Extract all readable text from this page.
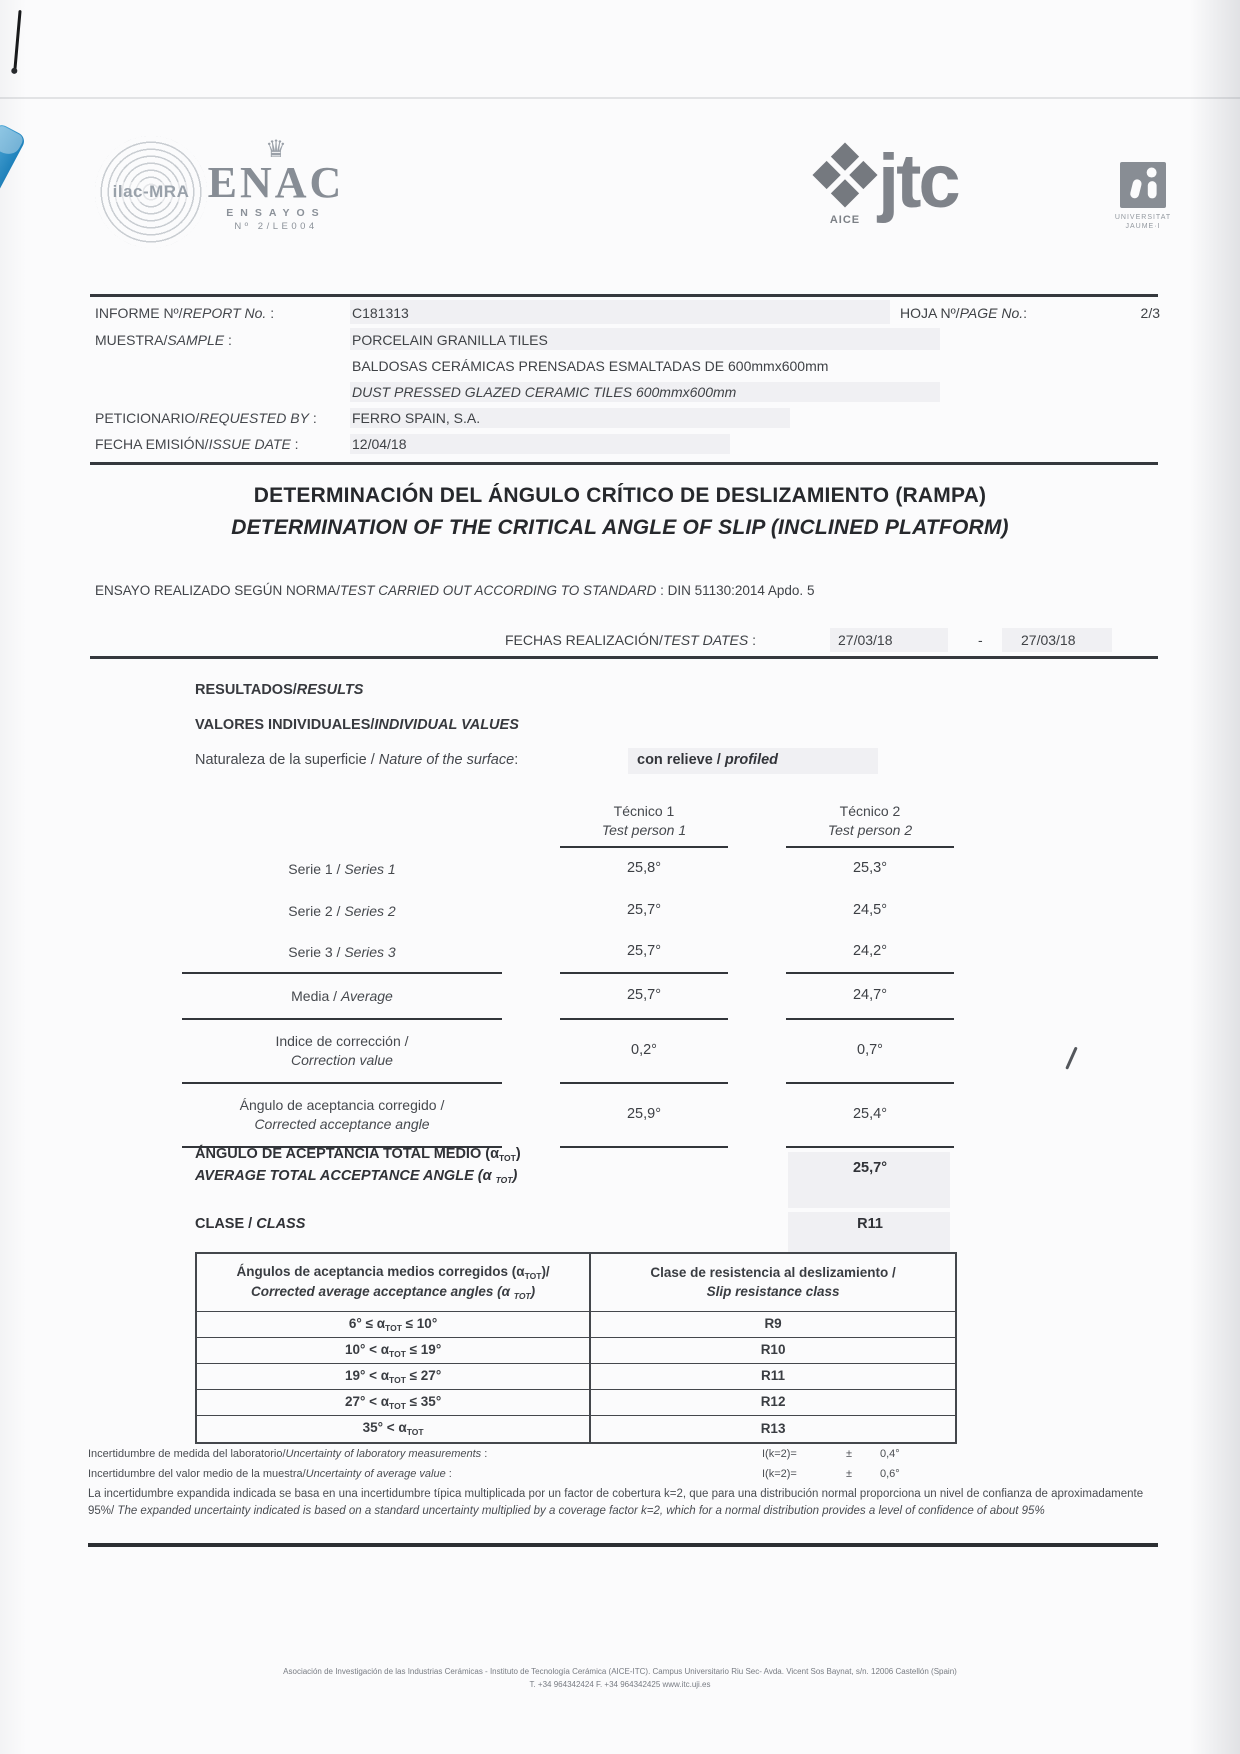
ilac-MRA
♛
ENAC
ENSAYOS
Nº 2/LE004
AICE jtc	UNIVERSITAT
JAUME·I
INFORME Nº/REPORT No. :	C181313	HOJA Nº/PAGE No.:	2/3
MUESTRA/SAMPLE :	PORCELAIN GRANILLA TILES
BALDOSAS CERÁMICAS PRENSADAS ESMALTADAS DE 600mmx600mm
DUST PRESSED GLAZED CERAMIC TILES 600mmx600mm
PETICIONARIO/REQUESTED BY :	FERRO SPAIN, S.A.
FECHA EMISIÓN/ISSUE DATE :	12/04/18
DETERMINACIÓN DEL ÁNGULO CRÍTICO DE DESLIZAMIENTO (RAMPA)
DETERMINATION OF THE CRITICAL ANGLE OF SLIP (INCLINED PLATFORM)
ENSAYO REALIZADO SEGÚN NORMA/TEST CARRIED OUT ACCORDING TO STANDARD : DIN 51130:2014 Apdo. 5
FECHAS REALIZACIÓN/TEST DATES :	27/03/18	-	27/03/18
RESULTADOS/RESULTS
VALORES INDIVIDUALES/INDIVIDUAL VALUES
Naturaleza de la superficie / Nature of the surface:	con relieve / profiled
Técnico 1
Test person 1
Técnico 2
Test person 2
Serie 1 / Series 1	25,8°	25,3°
Serie 2 / Series 2	25,7°	24,5°
Serie 3 / Series 3	25,7°	24,2°
Media / Average	25,7°	24,7°
Indice de corrección /
Correction value
0,2°	0,7°
Ángulo de aceptancia corregido /
Corrected acceptance angle
25,9°	25,4°
ÁNGULO DE ACEPTANCIA TOTAL MEDIO $(\alpha_{TOT})$
AVERAGE TOTAL ACCEPTANCE ANGLE (α $_{TOT}$)
25,7°
CLASE / CLASS	R11
Ángulos de aceptancia medios corregidos $(\alpha_{TOT})/$
Corrected average acceptance angles (α $_{TOT}$)
Clase de resistencia al deslizamiento /
Slip resistance class
$6^\circ \le \alpha_{TOT} \le 10^\circ$	R9
$10^\circ < \alpha_{TOT} \le 19^\circ$	R10
$19^\circ < \alpha_{TOT} \le 27^\circ$	R11
$27^\circ < \alpha_{TOT} \le 35^\circ$	R12
$35^\circ < \alpha_{TOT}$	R13
Incertidumbre de medida del laboratorio/Uncertainty of laboratory measurements :	I(k=2)=	±	0,4°
Incertidumbre del valor medio de la muestra/Uncertainty of average value :	I(k=2)=	±	0,6°
La incertidumbre expandida indicada se basa en una incertidumbre típica multiplicada por un factor de cobertura k=2, que para una distribución normal proporciona un nivel de confianza de aproximadamente 95%/ The expanded uncertainty indicated is based on a standard uncertainty multiplied by a coverage factor k=2, which for a normal distribution provides a level of confidence of about 95%
Asociación de Investigación de las Industrias Cerámicas - Instituto de Tecnología Cerámica (AICE-ITC). Campus Universitario Riu Sec- Avda. Vicent Sos Baynat, s/n. 12006 Castellón (Spain)
T. +34 964342424 F. +34 964342425 www.itc.uji.es
